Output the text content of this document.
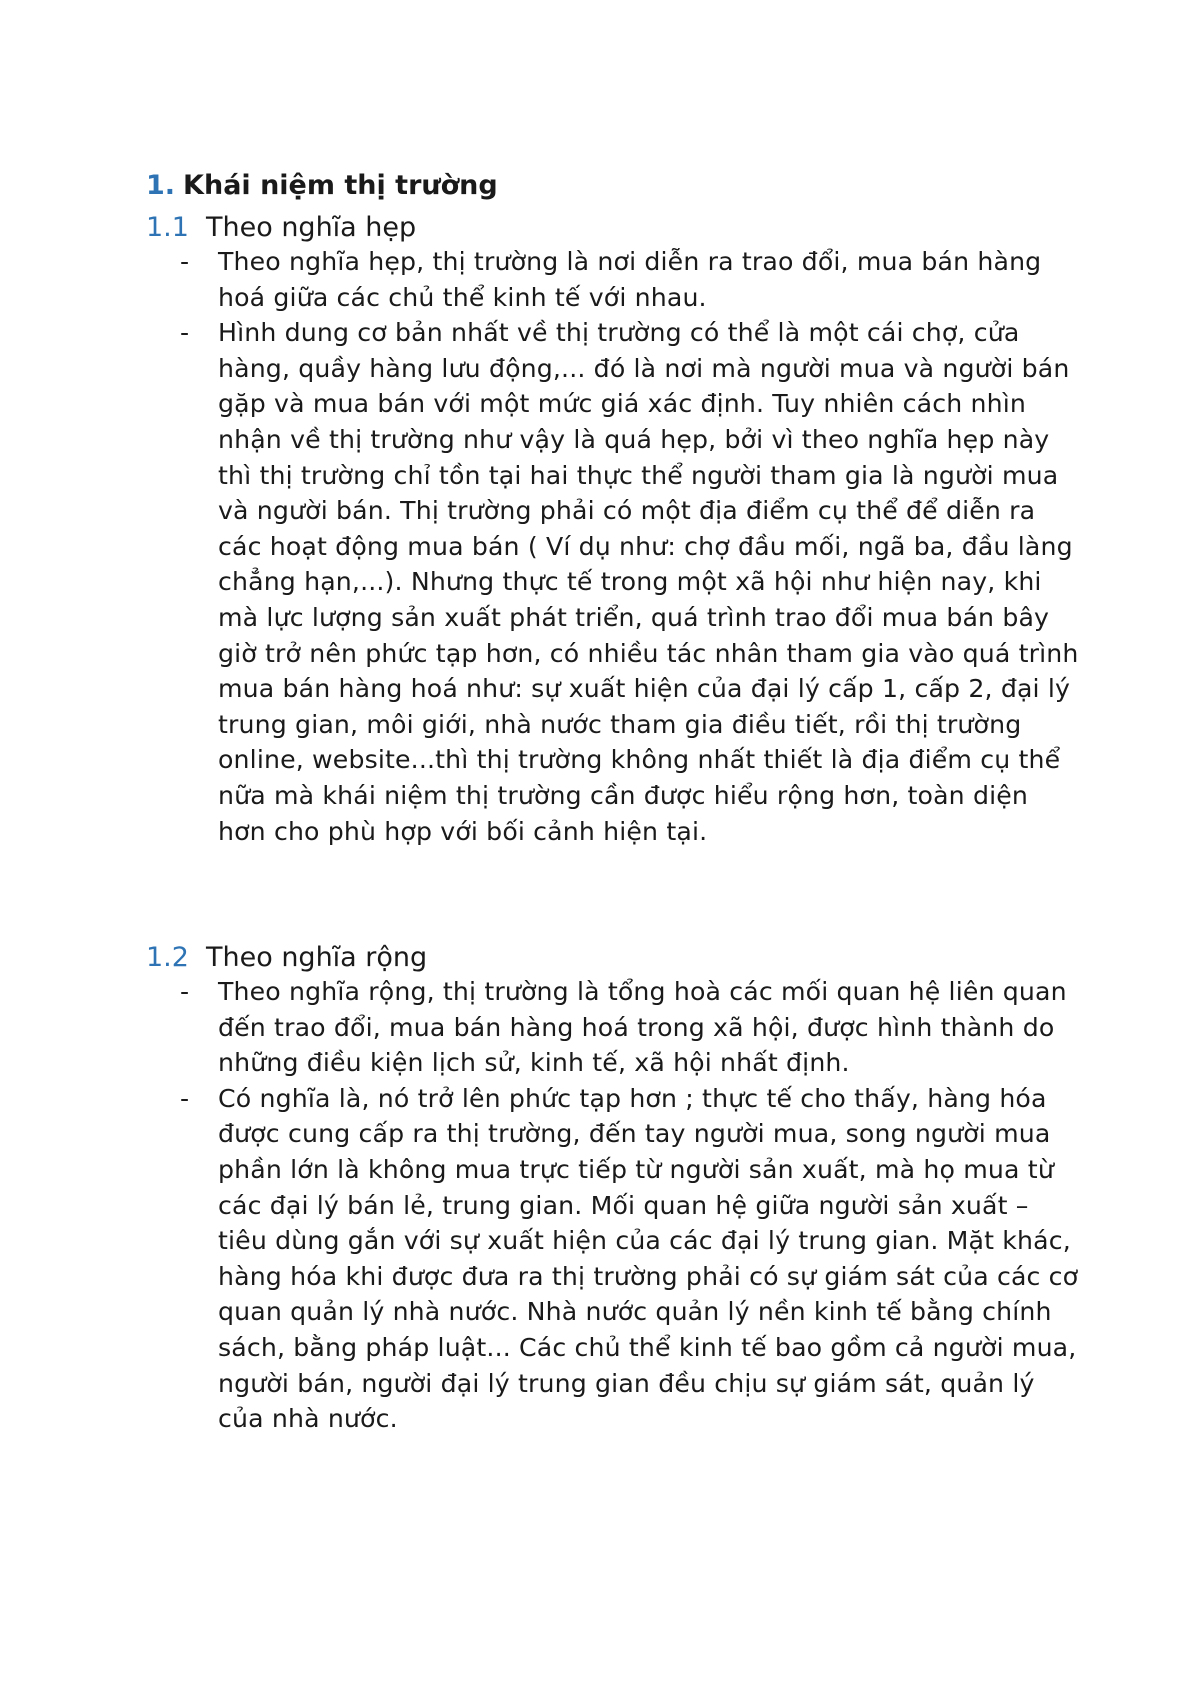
1. Khái niệm thị trường
1.1 Theo nghĩa hẹp
- Theo nghĩa hẹp, thị trường là nơi diễn ra trao đổi, mua bán hàng hoá giữa các chủ thể kinh tế với nhau.
- Hình dung cơ bản nhất về thị trường có thể là một cái chợ, cửa hàng, quầy hàng lưu động,... đó là nơi mà người mua và người bán gặp và mua bán với một mức giá xác định. Tuy nhiên cách nhìn nhận về thị trường như vậy là quá hẹp, bởi vì theo nghĩa hẹp này thì thị trường chỉ tồn tại hai thực thể người tham gia là người mua và người bán. Thị trường phải có một địa điểm cụ thể để diễn ra các hoạt động mua bán ( Ví dụ như: chợ đầu mối, ngã ba, đầu làng chẳng hạn,...). Nhưng thực tế trong một xã hội như hiện nay, khi mà lực lượng sản xuất phát triển, quá trình trao đổi mua bán bây giờ trở nên phức tạp hơn, có nhiều tác nhân tham gia vào quá trình mua bán hàng hoá như: sự xuất hiện của đại lý cấp 1, cấp 2, đại lý trung gian, môi giới, nhà nước tham gia điều tiết, rồi thị trường online, website...thì thị trường không nhất thiết là địa điểm cụ thể nữa mà khái niệm thị trường cần được hiểu rộng hơn, toàn diện hơn cho phù hợp với bối cảnh hiện tại.
1.2 Theo nghĩa rộng
- Theo nghĩa rộng, thị trường là tổng hoà các mối quan hệ liên quan đến trao đổi, mua bán hàng hoá trong xã hội, được hình thành do những điều kiện lịch sử, kinh tế, xã hội nhất định.
- Có nghĩa là, nó trở lên phức tạp hơn ; thực tế cho thấy, hàng hóa được cung cấp ra thị trường, đến tay người mua, song người mua phần lớn là không mua trực tiếp từ người sản xuất, mà họ mua từ các đại lý bán lẻ, trung gian. Mối quan hệ giữa người sản xuất – tiêu dùng gắn với sự xuất hiện của các đại lý trung gian. Mặt khác, hàng hóa khi được đưa ra thị trường phải có sự giám sát của các cơ quan quản lý nhà nước. Nhà nước quản lý nền kinh tế bằng chính sách, bằng pháp luật... Các chủ thể kinh tế bao gồm cả người mua, người bán, người đại lý trung gian đều chịu sự giám sát, quản lý của nhà nước.
